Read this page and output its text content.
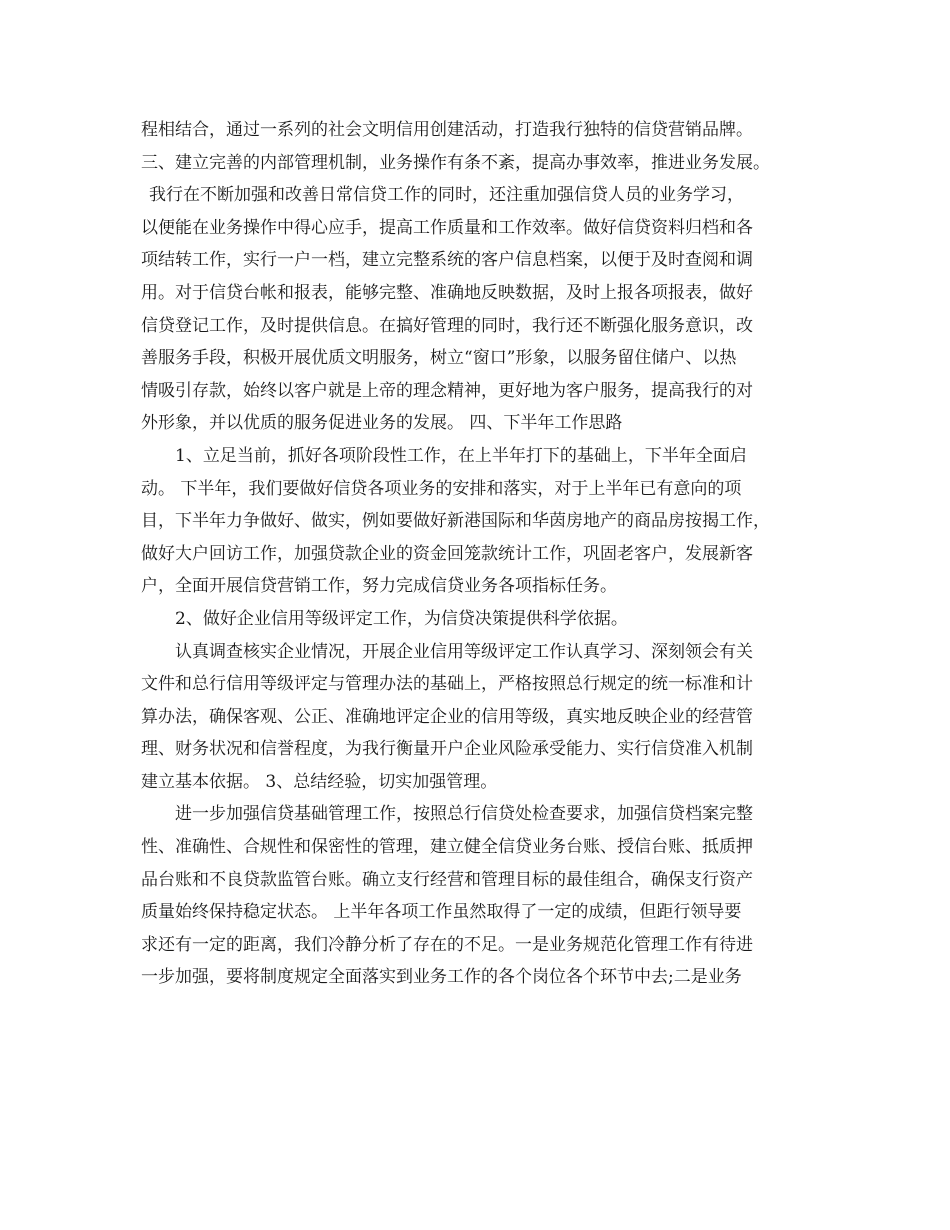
程相结合，通过一系列的社会文明信用创建活动，打造我行独特的信贷营销品牌。
三、建立完善的内部管理机制，业务操作有条不紊，提高办事效率，推进业务发展。
我行在不断加强和改善日常信贷工作的同时，还注重加强信贷人员的业务学习，
以便能在业务操作中得心应手，提高工作质量和工作效率。做好信贷资料归档和各
项结转工作，实行一户一档，建立完整系统的客户信息档案，以便于及时查阅和调
用。对于信贷台帐和报表，能够完整、准确地反映数据，及时上报各项报表，做好
信贷登记工作，及时提供信息。在搞好管理的同时，我行还不断强化服务意识，改
善服务手段，积极开展优质文明服务，树立“窗口”形象，以服务留住储户、以热
情吸引存款，始终以客户就是上帝的理念精神，更好地为客户服务，提高我行的对
外形象，并以优质的服务促进业务的发展。 四、下半年工作思路
1、立足当前，抓好各项阶段性工作，在上半年打下的基础上，下半年全面启
动。 下半年，我们要做好信贷各项业务的安排和落实，对于上半年已有意向的项
目，下半年力争做好、做实，例如要做好新港国际和华茵房地产的商品房按揭工作，
做好大户回访工作，加强贷款企业的资金回笼款统计工作，巩固老客户，发展新客
户，全面开展信贷营销工作，努力完成信贷业务各项指标任务。
2、做好企业信用等级评定工作，为信贷决策提供科学依据。
认真调查核实企业情况，开展企业信用等级评定工作认真学习、深刻领会有关
文件和总行信用等级评定与管理办法的基础上，严格按照总行规定的统一标准和计
算办法，确保客观、公正、准确地评定企业的信用等级，真实地反映企业的经营管
理、财务状况和信誉程度，为我行衡量开户企业风险承受能力、实行信贷准入机制
建立基本依据。 3、总结经验，切实加强管理。
进一步加强信贷基础管理工作，按照总行信贷处检查要求，加强信贷档案完整
性、准确性、合规性和保密性的管理，建立健全信贷业务台账、授信台账、抵质押
品台账和不良贷款监管台账。确立支行经营和管理目标的最佳组合，确保支行资产
质量始终保持稳定状态。 上半年各项工作虽然取得了一定的成绩，但距行领导要
求还有一定的距离，我们冷静分析了存在的不足。一是业务规范化管理工作有待进
一步加强，要将制度规定全面落实到业务工作的各个岗位各个环节中去;二是业务
